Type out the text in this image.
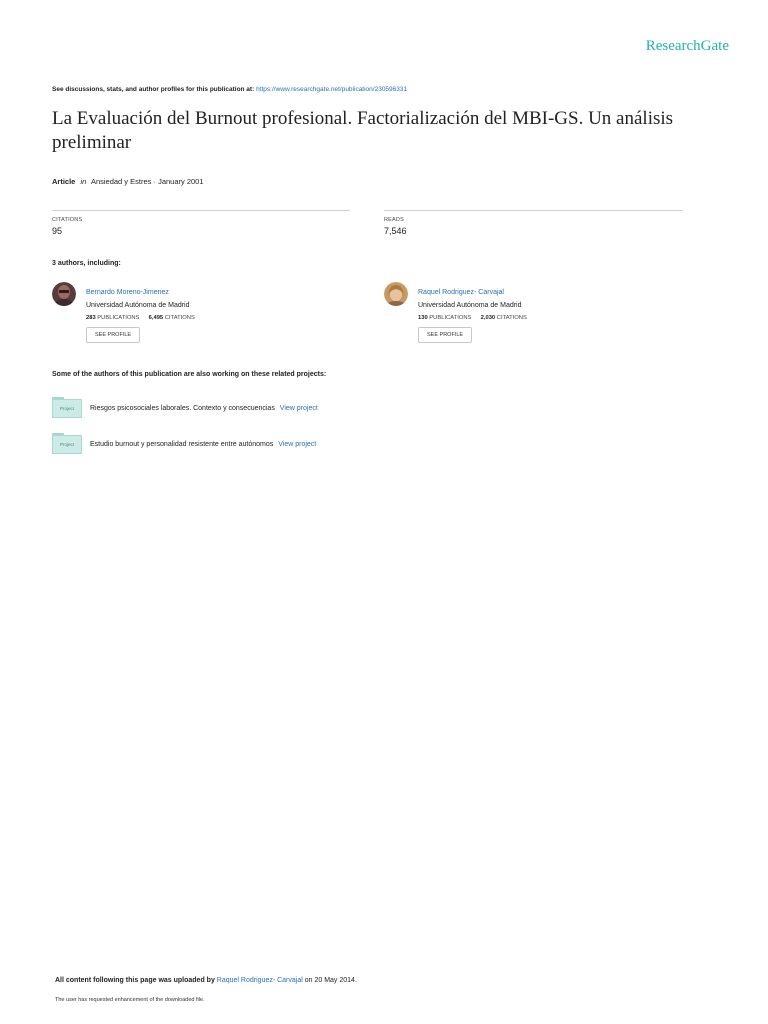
ResearchGate
See discussions, stats, and author profiles for this publication at: https://www.researchgate.net/publication/230596331
La Evaluación del Burnout profesional. Factorialización del MBI-GS. Un análisis preliminar
Article in Ansiedad y Estres · January 2001
CITATIONS
95
READS
7,546
3 authors, including:
Bernardo Moreno-Jimenez
Universidad Autónoma de Madrid
283 PUBLICATIONS 6,495 CITATIONS
SEE PROFILE
Raquel Rodriguez- Carvajal
Universidad Autónoma de Madrid
130 PUBLICATIONS 2,030 CITATIONS
SEE PROFILE
Some of the authors of this publication are also working on these related projects:
Project	Riesgos psicosociales laborales. Contexto y consecuencias View project
Project	Estudio burnout y personalidad resistente entre autónomos View project
All content following this page was uploaded by Raquel Rodriguez- Carvajal on 20 May 2014.
The user has requested enhancement of the downloaded file.
